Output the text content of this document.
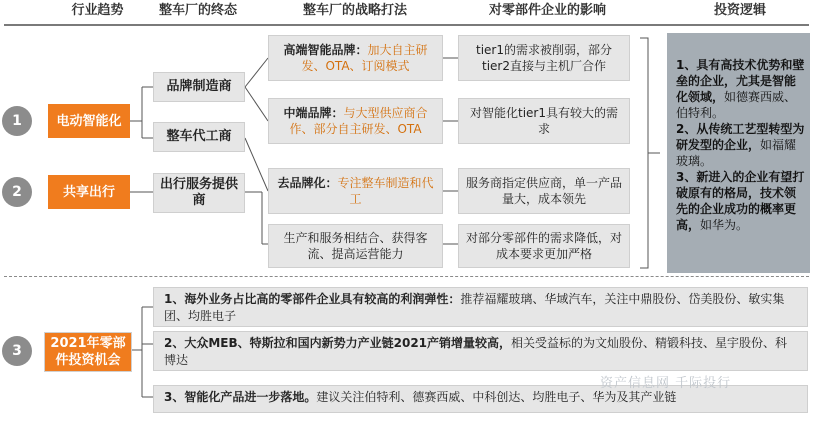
行业趋势	整车厂的终态	整车厂的战略打法	对零部件企业的影响	投资逻辑
1	电动智能化
2	共享出行
品牌制造商
整车代工商
出行服务提供商
高端智能品牌：加大自主研发、OTA、订阅模式
中端品牌：与大型供应商合作、部分自主研发、OTA
去品牌化：专注整车制造和代工
生产和服务相结合、获得客流、提高运营能力
tier1的需求被削弱，部分tier2直接与主机厂合作
对智能化tier1具有较大的需求
服务商指定供应商，单一产品量大，成本领先
对部分零部件的需求降低，对成本要求更加严格

1、具有高技术优势和壁垒的企业，尤其是智能化领域，如德赛西威、伯特利。

2、从传统工艺型转型为研发型的企业，如福耀玻璃。

3、新进入的企业有望打破原有的格局，技术领先的企业成功的概率更高，如华为。

3	2021年零部件投资机会
1、海外业务占比高的零部件企业具有较高的利润弹性：推荐福耀玻璃、华域汽车，关注中鼎股份、岱美股份、敏实集团、均胜电子
2、大众MEB、特斯拉和国内新势力产业链2021产销增量较高，相关受益标的为文灿股份、精锻科技、星宇股份、科博达
3、智能化产品进一步落地。建议关注伯特利、德赛西威、中科创达、均胜电子、华为及其产业链
资产信息网 千际投行
